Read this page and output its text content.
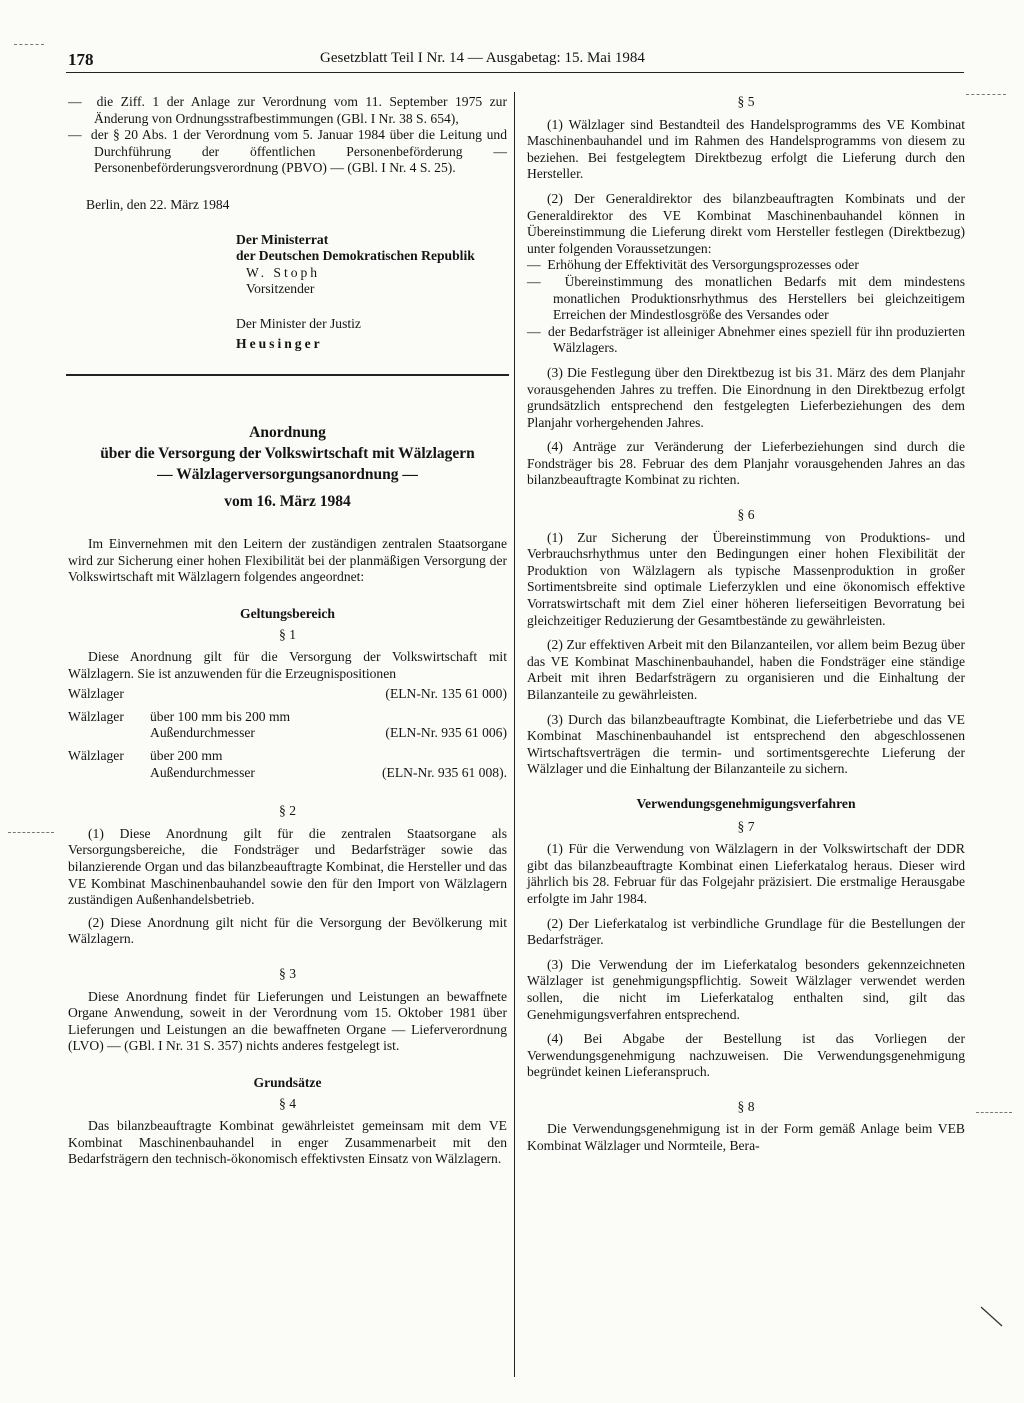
178	Gesetzblatt Teil I Nr. 14 — Ausgabetag: 15. Mai 1984

—  die Ziff. 1 der Anlage zur Verordnung vom 11. September 1975 zur Änderung von Ordnungsstrafbestimmungen (GBl. I Nr. 38 S. 654),

—  der § 20 Abs. 1 der Verordnung vom 5. Januar 1984 über die Leitung und Durchführung der öffentlichen Personenbeförderung — Personenbeförderungsverordnung (PBVO) — (GBl. I Nr. 4 S. 25).

Berlin, den 22. März 1984

Der Ministerrat
der Deutschen Demokratischen Republik
W. Stoph
Vorsitzender
Der Minister der Justiz
Heusinger
Anordnung
über die Versorgung der Volkswirtschaft mit Wälzlagern
— Wälzlagerversorgungsanordnung —
vom 16. März 1984

Im Einvernehmen mit den Leitern der zuständigen zentralen Staatsorgane wird zur Sicherung einer hohen Flexibilität bei der planmäßigen Versorgung der Volkswirtschaft mit Wälzlagern folgendes angeordnet:

Geltungsbereich

§ 1

Diese Anordnung gilt für die Versorgung der Volkswirtschaft mit Wälzlagern. Sie ist anzuwenden für die Erzeugnispositionen

Wälzlager	(ELN-Nr. 135 61 000)
Wälzlager	über 100 mm bis 200 mm
Außendurchmesser	(ELN-Nr. 935 61 006)
Wälzlager	über 200 mm
Außendurchmesser	(ELN-Nr. 935 61 008).

§ 2

(1) Diese Anordnung gilt für die zentralen Staatsorgane als Versorgungsbereiche, die Fondsträger und Bedarfsträger sowie das bilanzierende Organ und das bilanzbeauftragte Kombinat, die Hersteller und das VE Kombinat Maschinenbauhandel sowie den für den Import von Wälzlagern zuständigen Außenhandelsbetrieb.

(2) Diese Anordnung gilt nicht für die Versorgung der Bevölkerung mit Wälzlagern.

§ 3

Diese Anordnung findet für Lieferungen und Leistungen an bewaffnete Organe Anwendung, soweit in der Verordnung vom 15. Oktober 1981 über Lieferungen und Leistungen an die bewaffneten Organe — Lieferverordnung (LVO) — (GBl. I Nr. 31 S. 357) nichts anderes festgelegt ist.

Grundsätze

§ 4

Das bilanzbeauftragte Kombinat gewährleistet gemeinsam mit dem VE Kombinat Maschinenbauhandel in enger Zusammenarbeit mit den Bedarfsträgern den technisch-ökonomisch effektivsten Einsatz von Wälzlagern.

§ 5

(1) Wälzlager sind Bestandteil des Handelsprogramms des VE Kombinat Maschinenbauhandel und im Rahmen des Handelsprogramms von diesem zu beziehen. Bei festgelegtem Direktbezug erfolgt die Lieferung durch den Hersteller.

(2) Der Generaldirektor des bilanzbeauftragten Kombinats und der Generaldirektor des VE Kombinat Maschinenbauhandel können in Übereinstimmung die Lieferung direkt vom Hersteller festlegen (Direktbezug) unter folgenden Voraussetzungen:

—  Erhöhung der Effektivität des Versorgungsprozesses oder

—  Übereinstimmung des monatlichen Bedarfs mit dem mindestens monatlichen Produktionsrhythmus des Herstellers bei gleichzeitigem Erreichen der Mindestlosgröße des Versandes oder

—  der Bedarfsträger ist alleiniger Abnehmer eines speziell für ihn produzierten Wälzlagers.

(3) Die Festlegung über den Direktbezug ist bis 31. März des dem Planjahr vorausgehenden Jahres zu treffen. Die Einordnung in den Direktbezug erfolgt grundsätzlich entsprechend den festgelegten Lieferbeziehungen des dem Planjahr vorhergehenden Jahres.

(4) Anträge zur Veränderung der Lieferbeziehungen sind durch die Fondsträger bis 28. Februar des dem Planjahr vorausgehenden Jahres an das bilanzbeauftragte Kombinat zu richten.

§ 6

(1) Zur Sicherung der Übereinstimmung von Produktions- und Verbrauchsrhythmus unter den Bedingungen einer hohen Flexibilität der Produktion von Wälzlagern als typische Massenproduktion in großer Sortimentsbreite sind optimale Lieferzyklen und eine ökonomisch effektive Vorratswirtschaft mit dem Ziel einer höheren lieferseitigen Bevorratung bei gleichzeitiger Reduzierung der Gesamtbestände zu gewährleisten.

(2) Zur effektiven Arbeit mit den Bilanzanteilen, vor allem beim Bezug über das VE Kombinat Maschinenbauhandel, haben die Fondsträger eine ständige Arbeit mit ihren Bedarfsträgern zu organisieren und die Einhaltung der Bilanzanteile zu gewährleisten.

(3) Durch das bilanzbeauftragte Kombinat, die Lieferbetriebe und das VE Kombinat Maschinenbauhandel ist entsprechend den abgeschlossenen Wirtschaftsverträgen die termin- und sortimentsgerechte Lieferung der Wälzlager und die Einhaltung der Bilanzanteile zu sichern.

Verwendungsgenehmigungsverfahren

§ 7

(1) Für die Verwendung von Wälzlagern in der Volkswirtschaft der DDR gibt das bilanzbeauftragte Kombinat einen Lieferkatalog heraus. Dieser wird jährlich bis 28. Februar für das Folgejahr präzisiert. Die erstmalige Herausgabe erfolgte im Jahr 1984.

(2) Der Lieferkatalog ist verbindliche Grundlage für die Bestellungen der Bedarfsträger.

(3) Die Verwendung der im Lieferkatalog besonders gekennzeichneten Wälzlager ist genehmigungspflichtig. Soweit Wälzlager verwendet werden sollen, die nicht im Lieferkatalog enthalten sind, gilt das Genehmigungsverfahren entsprechend.

(4) Bei Abgabe der Bestellung ist das Vorliegen der Verwendungsgenehmigung nachzuweisen. Die Verwendungsgenehmigung begründet keinen Lieferanspruch.

§ 8

Die Verwendungsgenehmigung ist in der Form gemäß Anlage beim VEB Kombinat Wälzlager und Normteile, Bera-
